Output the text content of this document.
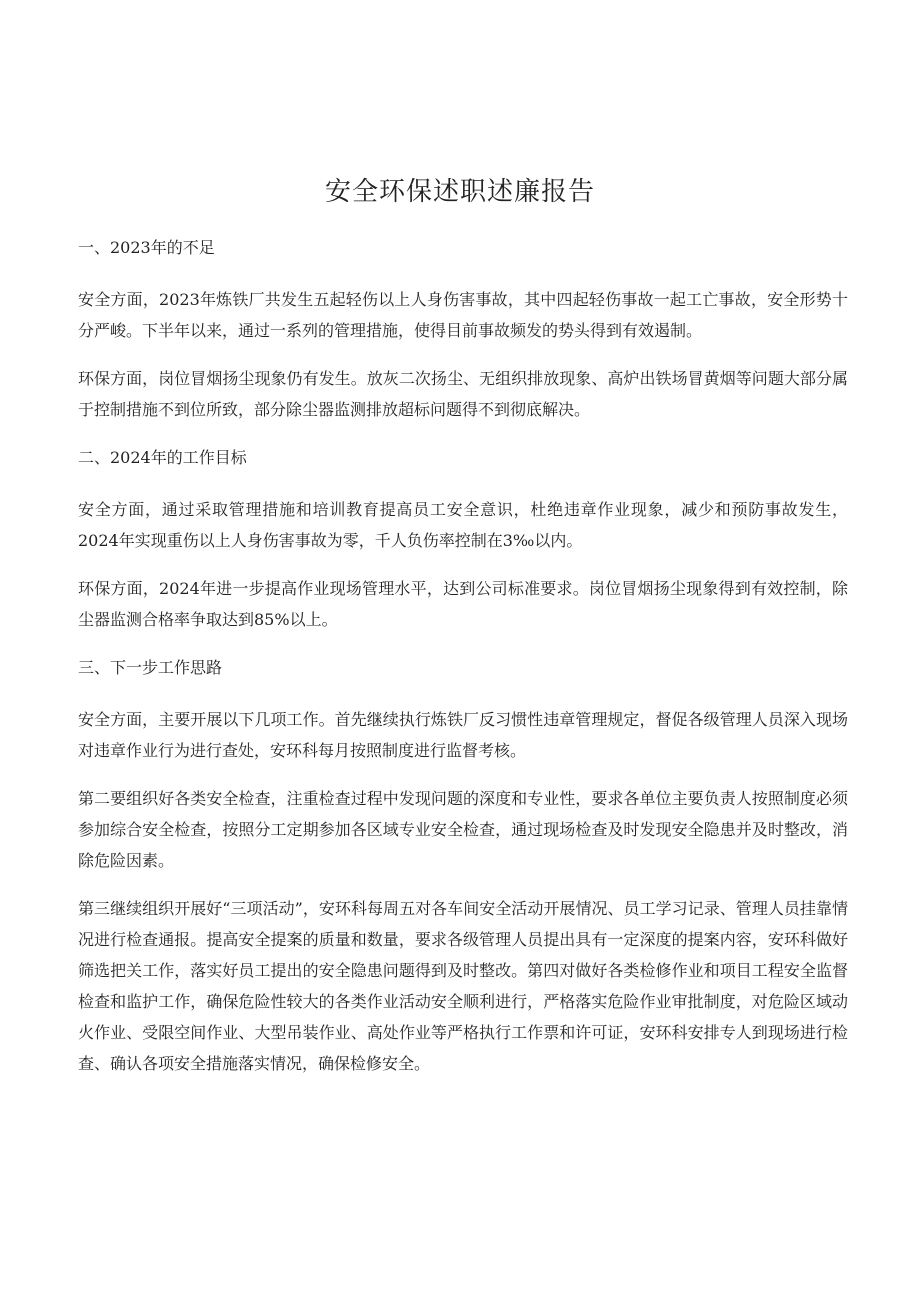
安全环保述职述廉报告
一、2023年的不足

安全方面，2023年炼铁厂共发生五起轻伤以上人身伤害事故，其中四起轻伤事故一起工亡事故，安全形势十分严峻。下半年以来，通过一系列的管理措施，使得目前事故频发的势头得到有效遏制。

环保方面，岗位冒烟扬尘现象仍有发生。放灰二次扬尘、无组织排放现象、高炉出铁场冒黄烟等问题大部分属于控制措施不到位所致，部分除尘器监测排放超标问题得不到彻底解决。

二、2024年的工作目标

安全方面，通过采取管理措施和培训教育提高员工安全意识，杜绝违章作业现象，减少和预防事故发生，2024年实现重伤以上人身伤害事故为零，千人负伤率控制在3‰以内。

环保方面，2024年进一步提高作业现场管理水平，达到公司标准要求。岗位冒烟扬尘现象得到有效控制，除尘器监测合格率争取达到85%以上。

三、下一步工作思路

安全方面，主要开展以下几项工作。首先继续执行炼铁厂反习惯性违章管理规定，督促各级管理人员深入现场对违章作业行为进行查处，安环科每月按照制度进行监督考核。

第二要组织好各类安全检查，注重检查过程中发现问题的深度和专业性，要求各单位主要负责人按照制度必须参加综合安全检查，按照分工定期参加各区域专业安全检查，通过现场检查及时发现安全隐患并及时整改，消除危险因素。

第三继续组织开展好“三项活动”，安环科每周五对各车间安全活动开展情况、员工学习记录、管理人员挂靠情况进行检查通报。提高安全提案的质量和数量，要求各级管理人员提出具有一定深度的提案内容，安环科做好筛选把关工作，落实好员工提出的安全隐患问题得到及时整改。第四对做好各类检修作业和项目工程安全监督检查和监护工作，确保危险性较大的各类作业活动安全顺利进行，严格落实危险作业审批制度，对危险区域动火作业、受限空间作业、大型吊装作业、高处作业等严格执行工作票和许可证，安环科安排专人到现场进行检查、确认各项安全措施落实情况，确保检修安全。
